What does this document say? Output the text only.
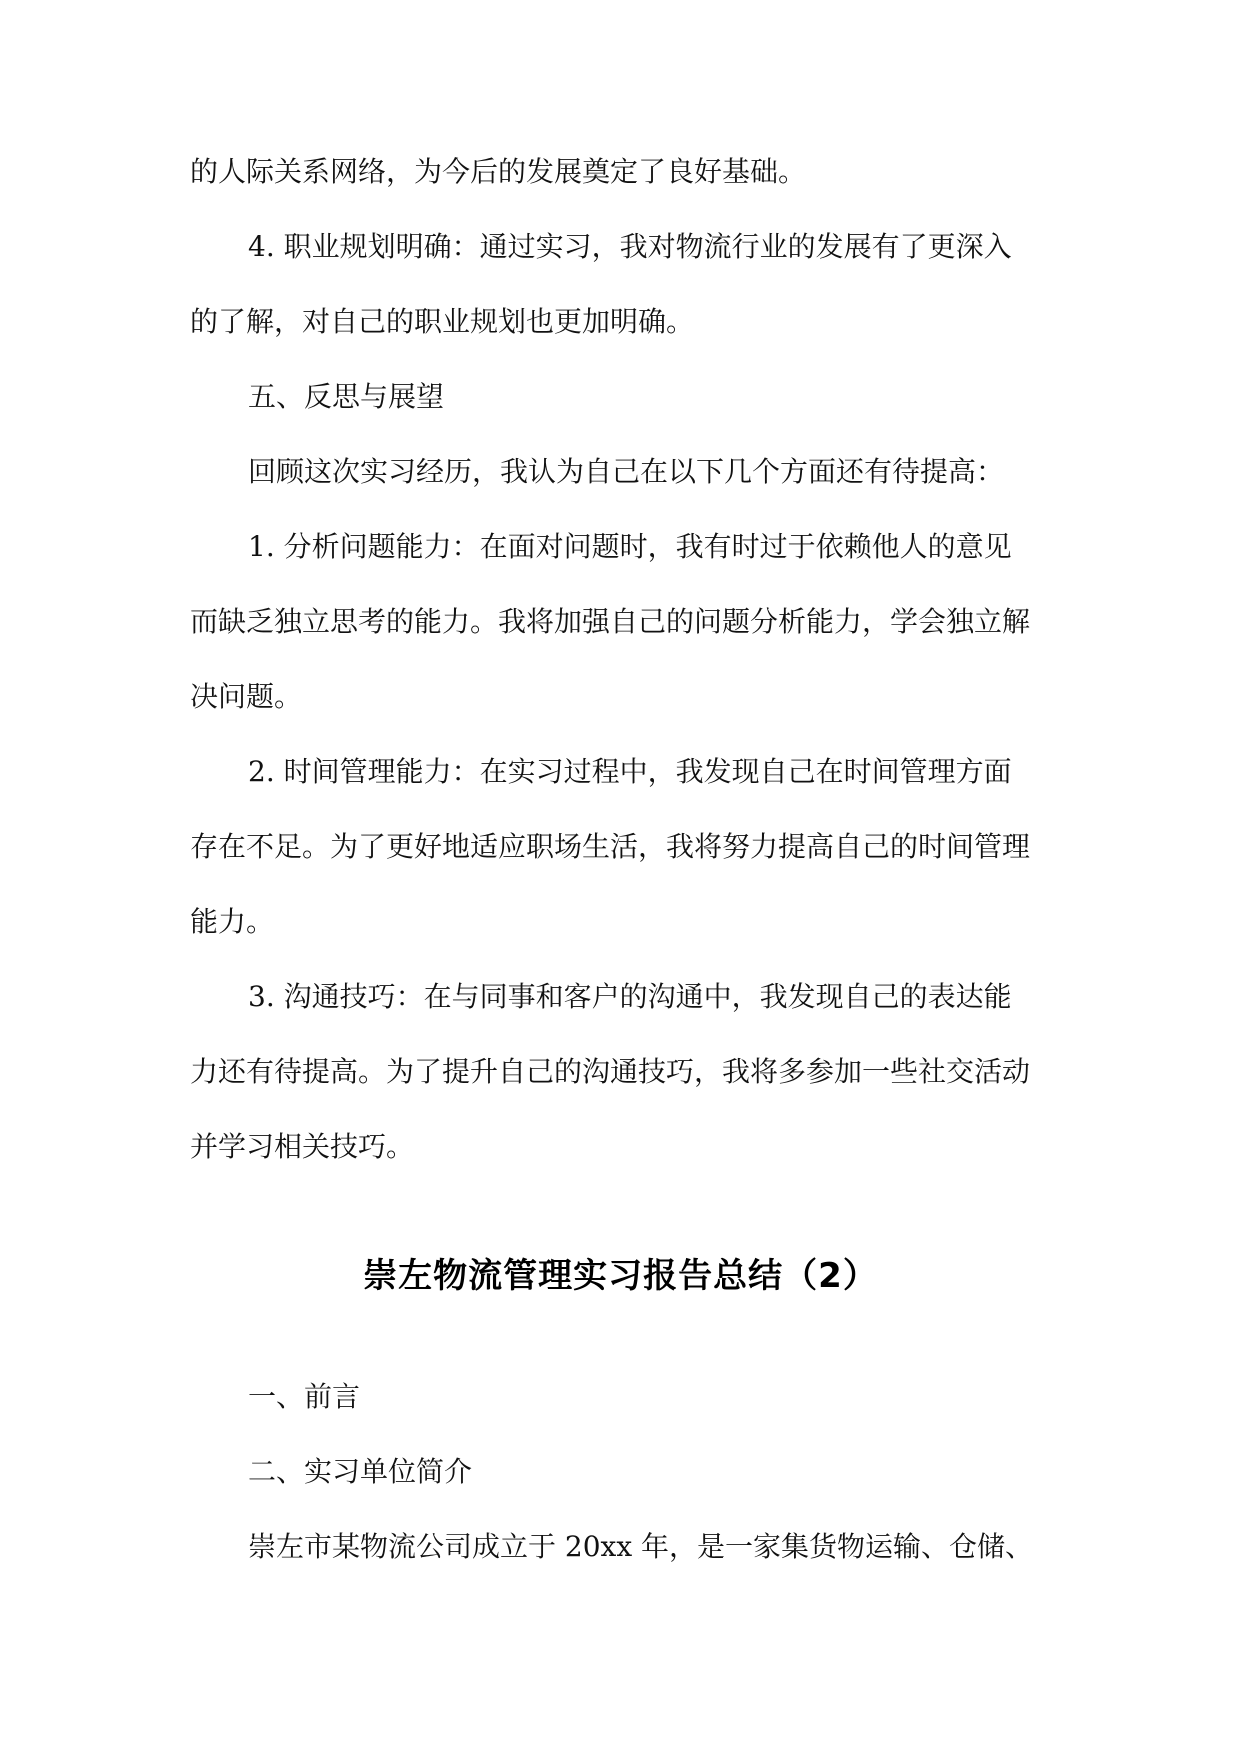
的人际关系网络，为今后的发展奠定了良好基础。
4. 职业规划明确：通过实习，我对物流行业的发展有了更深入
的了解，对自己的职业规划也更加明确。
五、反思与展望
回顾这次实习经历，我认为自己在以下几个方面还有待提高：
1. 分析问题能力：在面对问题时，我有时过于依赖他人的意见
而缺乏独立思考的能力。我将加强自己的问题分析能力，学会独立解
决问题。
2. 时间管理能力：在实习过程中，我发现自己在时间管理方面
存在不足。为了更好地适应职场生活，我将努力提高自己的时间管理
能力。
3. 沟通技巧：在与同事和客户的沟通中，我发现自己的表达能
力还有待提高。为了提升自己的沟通技巧，我将多参加一些社交活动
并学习相关技巧。
崇左物流管理实习报告总结（2）
一、前言
二、实习单位简介
崇左市某物流公司成立于 20xx 年，是一家集货物运输、仓储、
